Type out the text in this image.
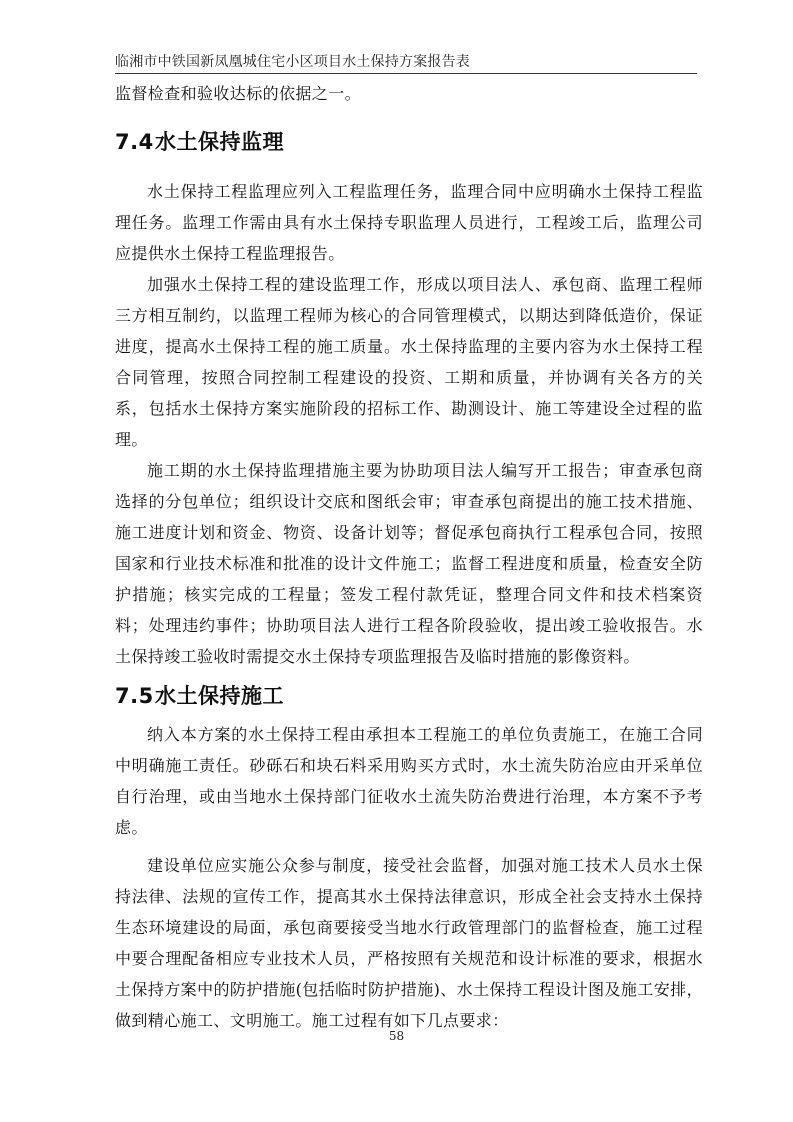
临湘市中铁国新凤凰城住宅小区项目水土保持方案报告表

监督检查和验收达标的依据之一。

7.4水土保持监理

水土保持工程监理应列入工程监理任务，监理合同中应明确水土保持工程监理任务。监理工作需由具有水土保持专职监理人员进行，工程竣工后，监理公司应提供水土保持工程监理报告。

加强水土保持工程的建设监理工作，形成以项目法人、承包商、监理工程师三方相互制约，以监理工程师为核心的合同管理模式，以期达到降低造价，保证进度，提高水土保持工程的施工质量。水土保持监理的主要内容为水土保持工程合同管理，按照合同控制工程建设的投资、工期和质量，并协调有关各方的关系，包括水土保持方案实施阶段的招标工作、勘测设计、施工等建设全过程的监理。

施工期的水土保持监理措施主要为协助项目法人编写开工报告；审查承包商选择的分包单位；组织设计交底和图纸会审；审查承包商提出的施工技术措施、施工进度计划和资金、物资、设备计划等；督促承包商执行工程承包合同，按照国家和行业技术标准和批准的设计文件施工；监督工程进度和质量，检查安全防护措施；核实完成的工程量；签发工程付款凭证，整理合同文件和技术档案资料；处理违约事件；协助项目法人进行工程各阶段验收，提出竣工验收报告。水土保持竣工验收时需提交水土保持专项监理报告及临时措施的影像资料。

7.5水土保持施工

纳入本方案的水土保持工程由承担本工程施工的单位负责施工，在施工合同中明确施工责任。砂砾石和块石料采用购买方式时，水土流失防治应由开采单位自行治理，或由当地水土保持部门征收水土流失防治费进行治理，本方案不予考虑。

建设单位应实施公众参与制度，接受社会监督，加强对施工技术人员水土保持法律、法规的宣传工作，提高其水土保持法律意识，形成全社会支持水土保持生态环境建设的局面，承包商要接受当地水行政管理部门的监督检查，施工过程中要合理配备相应专业技术人员，严格按照有关规范和设计标准的要求，根据水土保持方案中的防护措施(包括临时防护措施)、水土保持工程设计图及施工安排，做到精心施工、文明施工。施工过程有如下几点要求：

58
